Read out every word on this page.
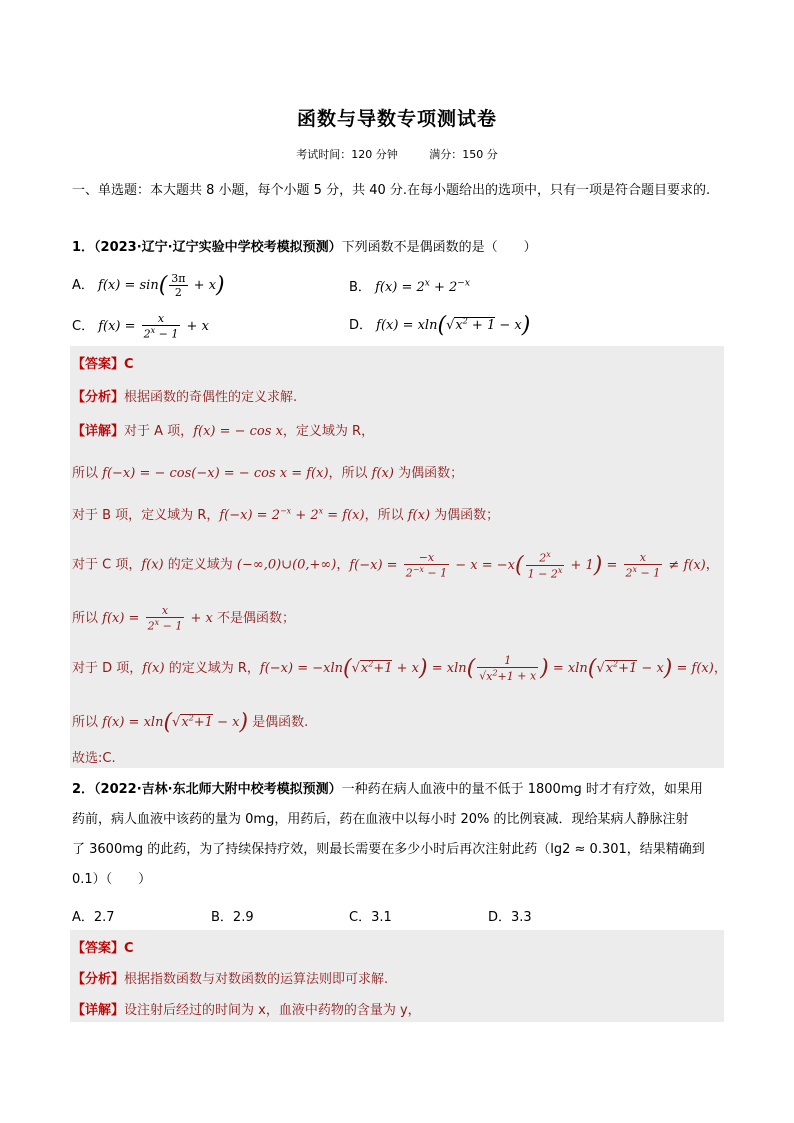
函数与导数专项测试卷
考试时间：120 分钟	满分：150 分
一、单选题：本大题共 8 小题，每个小题 5 分，共 40 分.在每小题给出的选项中，只有一项是符合题目要求的.
1．（2023·辽宁·辽宁实验中学校考模拟预测）下列函数不是偶函数的是（　　）
A． $f(x) = \sin( \frac{3\pi}{2} + x)$	B． $f(x) = 2^x + 2^{-x}$
C． $f(x) = \frac{x}{2^x - 1} + x$	D． $f(x) = xln(√x^2 + 1 - x)$
【答案】C
【分析】根据函数的奇偶性的定义求解.
【详解】对于 A 项，f(x) = − cos x，定义域为 R，
所以 f(−x) = − cos(−x) = − cos x = f(x)，所以 f(x) 为偶函数；
对于 B 项，定义域为 R，$f(-x) = 2^{-x} + 2^x = f(x)$，所以 f(x) 为偶函数；
对于 C 项，f(x) 的定义域为 (−∞,0)∪(0,+∞)，$f(-x) = \frac{-x}{2^{-x} - 1} - x = -x( \frac{2^x}{1 - 2^x} + 1) = \frac{x}{2^x - 1} \ne f(x)$，
所以 $f(x) = \frac{x}{2^x - 1} + x$ 不是偶函数；
对于 D 项，f(x) 的定义域为 R，$f(-x) = -xln(√x^2+1 + x) = xln( \frac{1}{√x^2+1 + x}$ ) = $xln(√x^2+1 - x) = f(x)$，
所以 $f(x) = xln(√x^2+1 - x)$ 是偶函数.
故选:C.
2．（2022·吉林·东北师大附中校考模拟预测）一种药在病人血液中的量不低于 1800mg 时才有疗效，如果用
药前，病人血液中该药的量为 0mg，用药后，药在血液中以每小时 20% 的比例衰减．现给某病人静脉注射
了 3600mg 的此药，为了持续保持疗效，则最长需要在多少小时后再次注射此药（lg2 ≈ 0.301，结果精确到
0.1）（　　）
A．2.7	B．2.9	C．3.1	D．3.3
【答案】C
【分析】根据指数函数与对数函数的运算法则即可求解.
【详解】设注射后经过的时间为 x，血液中药物的含量为 y，
